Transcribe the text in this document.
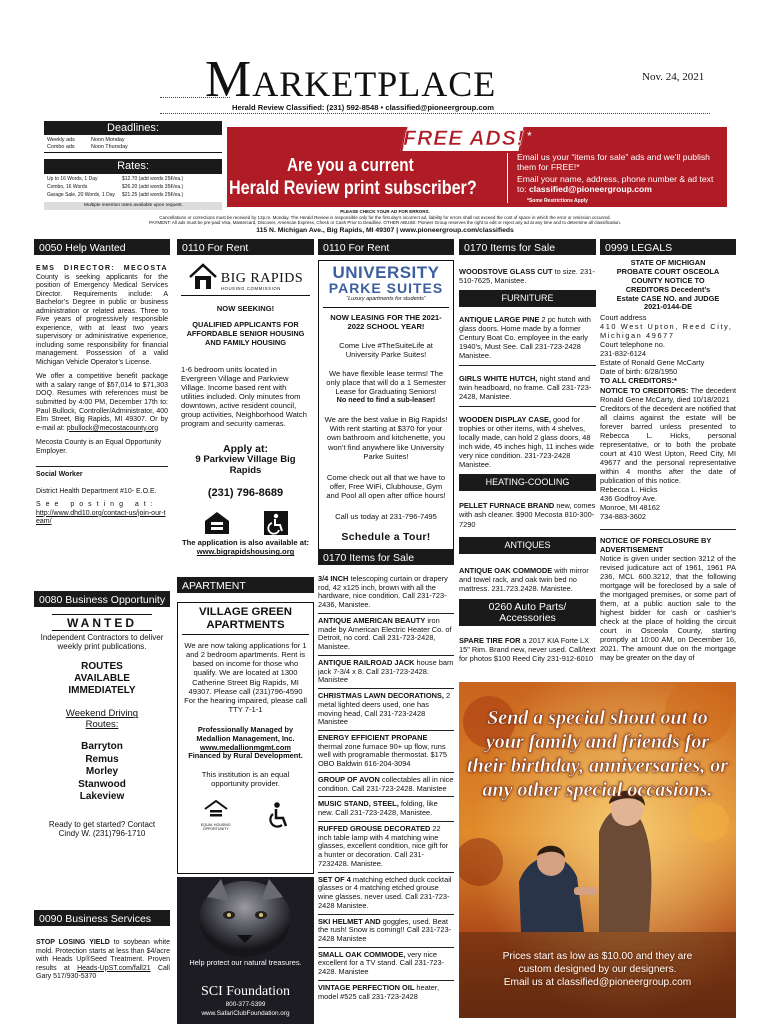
MARKETPLACE	Nov. 24, 2021
Herald Review Classified: (231) 592-8548 • classified@pioneergroup.com
Deadlines:
Weekly ads	Noon Monday
Combo ads	Noon Thursday
Rates:
Up to 16 Words, 1 Day	$12.70 (add words 25¢/ea.)
Combo, 16 Words	$26.20 (add words 35¢/ea.)
Garage Sale, 20 Words, 1 Day	$21.25 (add words 25¢/ea.)
Multiple insertion rates available upon request.
FREE ADS! *
Are you a current
Herald Review print subscriber?
Email us your “items for sale” ads and we’ll publish them for FREE!*
Email your name, address, phone number & ad text to: classified@pioneergroup.com
*Some Restrictions Apply
PLEASE CHECK YOUR AD FOR ERRORS.
Cancellations or corrections must be received by 12p.m. Monday. The Herald Review is responsible only for the first day’s incorrect ad, liability for errors shall not exceed the cost of space in which the error or omission occurred.
PAYMENT: All ads must be pre-paid Visa, Mastercard, Discover, American Express, Check or Cash Prior to Deadline. OTHER ABUSE: Pioneer Group reserves the right to edit or reject any ad at any time and to determine all classification.
115 N. Michigan Ave., Big Rapids, MI 49307 | www.pioneergroup.com/classifieds
0050 Help Wanted

EMS DIRECTOR: MECOSTA County is seeking applicants for the position of Emergency Medical Services Director. Requirements include: A Bachelor’s Degree in public or business administration or related areas. Three to Five years of progressively responsible experience, with at least two years supervisory or administrative experience, including some responsibility for financial management. Possession of a valid Michigan Vehicle Operator’s License.

We offer a competitive benefit package with a salary range of $57,014 to $71,303 DOQ. Resumes with references must be submitted by 4:00 PM, December 17th to: Paul Bullock, Controller/Administrator, 400 Elm Street, Big Rapids, MI 49307. Or by e-mail at: pbullock@mecostacounty.org

Mecosta County is an Equal Opportunity Employer.

Social Worker

District Health Department #10- E.O.E.

See posting at:

http://www.dhd10.org/contact-us/join-our-team/

0080 Business Opportunity
WANTED
Independent Contractors to deliver weekly print publications.
ROUTES AVAILABLE IMMEDIATELY
Weekend Driving Routes:
Barryton
Remus
Morley
Stanwood
Lakeview
Ready to get started? Contact Cindy W. (231)796-1710
0090 Business Services

STOP LOSING YIELD to soybean white mold. Protection starts at less than $4/acre with Heads Up®Seed Treatment. Proven results at Heads-UpST.com/fall21 Call Gary 517/930-5370

0110 For Rent
BIG RAPIDS
HOUSING COMMISSION
NOW SEEKING!
QUALIFIED APPLICANTS FOR AFFORDABLE SENIOR HOUSING AND FAMILY HOUSING
1-6 bedroom units located in Evergreen Village and Parkview Village. Income based rent with utilities included. Only minutes from downtown, active resident council, group activities, Neighborhood Watch program and security cameras.
Apply at:
9 Parkview Village Big Rapids
(231) 796-8689
The application is also available at:
www.bigrapidshousing.org
APARTMENT
VILLAGE GREEN APARTMENTS
We are now taking applications for 1 and 2 bedroom apartments. Rent is based on income for those who qualify. We are located at 1300 Catherine Street Big Rapids, MI 49307. Please call (231)796-4590 For the hearing impaired, please call TTY 7-1-1
Professionally Managed by Medallion Management, Inc.
www.medallionmgmt.com
Financed by Rural Development.
This institution is an equal opportunity provider.
EQUAL HOUSING OPPORTUNITY
Help protect our natural treasures.
SCI Foundation
800-377-5399
www.SafariClubFoundation.org
0110 For Rent
UNIVERSITY
PARKE SUITES
“Luxury apartments for students”
NOW LEASING FOR THE 2021-2022 SCHOOL YEAR!
Come Live #TheSuiteLife at University Parke Suites!
We have flexible lease terms! The only place that will do a 1 Semester Lease for Graduating Seniors!
No need to find a sub-leaser!
We are the best value in Big Rapids! With rent starting at $370 for your own bathroom and kitchenette, you won’t find anywhere like University Parke Suites!
Come check out all that we have to offer, Free WiFi, Clubhouse, Gym and Pool all open after office hours!
Call us today at 231-796-7495
Schedule a Tour!
0170 Items for Sale

3/4 INCH telescoping curtain or drapery rod, 42 x125 inch, brown with all the hardware, nice condition. Call 231-723-2436, Manistee.

ANTIQUE AMERICAN BEAUTY iron made by American Electric Heater Co. of Detroit, no cord. Call 231-723-2428, Manistee.

ANTIQUE RAILROAD JACK house barn jack 7-3/4 x 8. Call 231-723-2428. Manistee

CHRISTMAS LAWN DECORATIONS, 2 metal lighted deers used, one has moving head, Call 231-723-2428 Manistee

ENERGY EFFICIENT PROPANE thermal zone furnace 90+ up flow, runs well with programable thermostat. $175 OBO Baldwin 616-204-3094

GROUP OF AVON collectables all in nice condition. Call 231-723-2428. Manistee

MUSIC STAND, STEEL, folding, like new. Call 231-723-2428, Manistee.

RUFFED GROUSE DECORATED 22 inch table lamp with 4 matching wine glasses, excellent condition, nice gift for a hunter or decoration. Call 231-7232428. Manistee.

SET OF 4 matching etched duck cocktail glasses or 4 matching etched grouse wine glasses. never used. Call 231-723-2428 Manistee.

SKI HELMET AND goggles, used. Beat the rush! Snow is coming!! Call 231-723-2428 Manistee

SMALL OAK COMMODE, very nice excellent for a TV stand. Call 231-723-2428. Manistee

VINTAGE PERFECTION OIL heater, model #525 call 231-723-2428

0170 Items for Sale

WOODSTOVE GLASS CUT to size. 231-510-7625, Manistee.

FURNITURE

ANTIQUE LARGE PINE 2 pc hutch with glass doors. Home made by a former Century Boat Co. employee in the early 1940’s, Must See. Call 231-723-2428 Manistee.

GIRLS WHITE HUTCH, night stand and twin headboard, no frame. Call 231-723-2428, Manistee.

WOODEN DISPLAY CASE, good for trophies or other items, with 4 shelves, locally made, can hold 2 glass doors, 48 inch wide, 45 inches high, 11 inches wide very nice condition. 231-723-2428 Manistee.

HEATING-COOLING

PELLET FURNACE BRAND new, comes with ash cleaner. $900 Mecosta 810-300-7290

ANTIQUES

ANTIQUE OAK COMMODE with mirror and towel rack, and oak twin bed no mattress. 231.723.2428. Manistee.

0260 Auto Parts/
Accessories

SPARE TIRE FOR a 2017 KIA Forte LX 15" Rim. Brand new, never used. Call/text for photos $100 Reed City 231-912-6010

0999 LEGALS
STATE OF MICHIGAN PROBATE COURT OSCEOLA COUNTY NOTICE TO CREDITORS Decedent’s Estate CASE NO. and JUDGE 2021-0144-DE
Court address
410 West Upton, Reed City, Michigan 49677
Court telephone no.
231-832-6124
Estate of Ronald Gene McCarty
Date of birth: 6/28/1950
TO ALL CREDITORS:*
NOTICE TO CREDITORS: The decedent Ronald Gene McCarty, died 10/18/2021
Creditors of the decedent are notified that all claims against the estate will be forever barred unless presented to Rebecca L. Hicks, personal representative, or to both the probate court at 410 West Upton, Reed City, MI 49677 and the personal representative within 4 months after the date of publication of this notice.
Rebecca L. Hicks
436 Godfroy Ave.
Monroe, MI 48162
734-883-3602
NOTICE OF FORECLOSURE BY ADVERTISEMENT
Notice is given under section 3212 of the revised judicature act of 1961, 1961 PA 236, MCL 600.3212, that the following mortgage will be foreclosed by a sale of the mortgaged premises, or some part of them, at a public auction sale to the highest bidder for cash or cashier’s check at the place of holding the circuit court in Osceola County, starting promptly at 10:00 AM, on December 16, 2021. The amount due on the mortgage may be greater on the day of
Send a special shout out to
your family and friends for
their birthday, anniversaries, or
any other special occasions.
Prices start as low as $10.00 and they are
custom designed by our designers.
Email us at classified@pioneergroup.com
